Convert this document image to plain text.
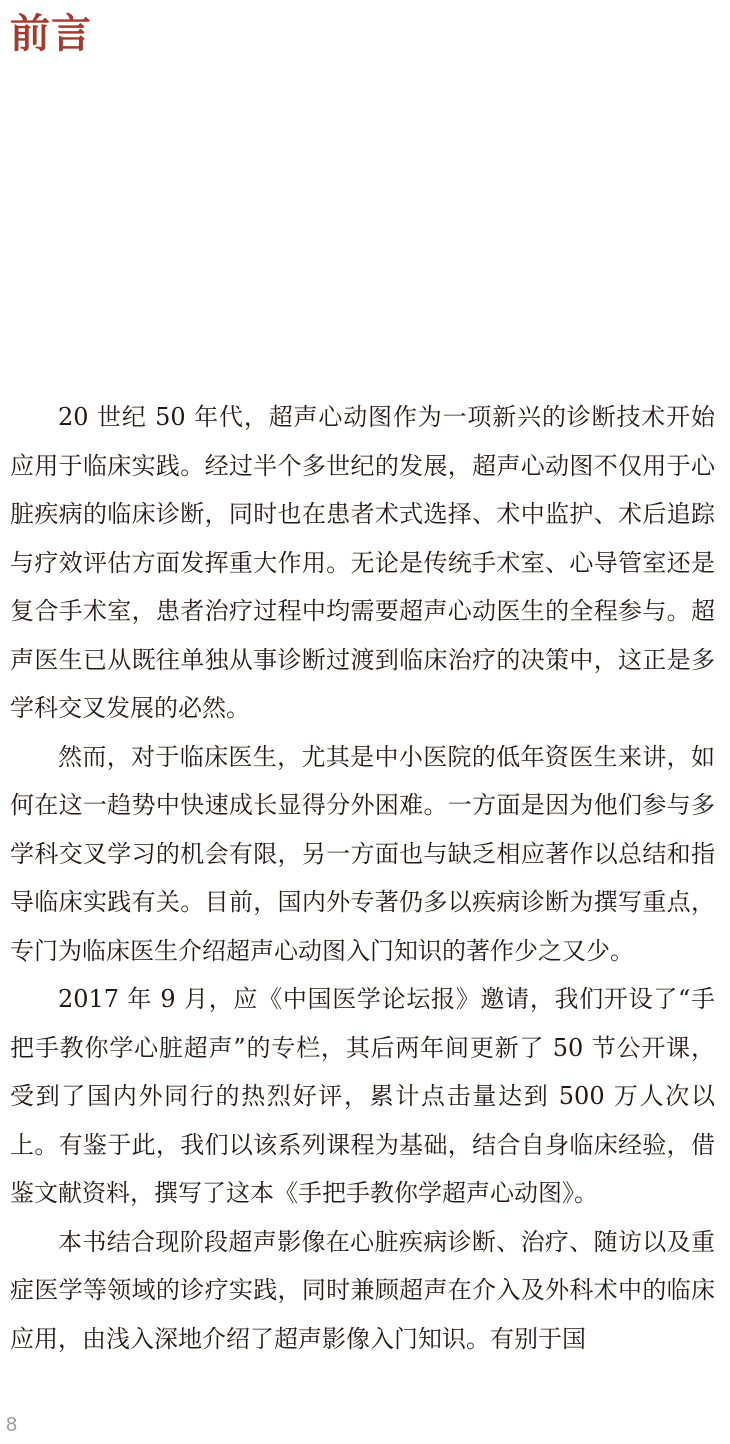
前言

20 世纪 50 年代，超声心动图作为一项新兴的诊断技术开始应用于临床实践。经过半个多世纪的发展，超声心动图不仅用于心脏疾病的临床诊断，同时也在患者术式选择、术中监护、术后追踪与疗效评估方面发挥重大作用。无论是传统手术室、心导管室还是复合手术室，患者治疗过程中均需要超声心动医生的全程参与。超声医生已从既往单独从事诊断过渡到临床治疗的决策中，这正是多学科交叉发展的必然。

然而，对于临床医生，尤其是中小医院的低年资医生来讲，如何在这一趋势中快速成长显得分外困难。一方面是因为他们参与多学科交叉学习的机会有限，另一方面也与缺乏相应著作以总结和指导临床实践有关。目前，国内外专著仍多以疾病诊断为撰写重点，专门为临床医生介绍超声心动图入门知识的著作少之又少。

2017 年 9 月，应《中国医学论坛报》邀请，我们开设了“手把手教你学心脏超声”的专栏，其后两年间更新了 50 节公开课，受到了国内外同行的热烈好评，累计点击量达到 500 万人次以上。有鉴于此，我们以该系列课程为基础，结合自身临床经验，借鉴文献资料，撰写了这本《手把手教你学超声心动图》。

本书结合现阶段超声影像在心脏疾病诊断、治疗、随访以及重症医学等领域的诊疗实践，同时兼顾超声在介入及外科术中的临床应用，由浅入深地介绍了超声影像入门知识。有别于国

8
